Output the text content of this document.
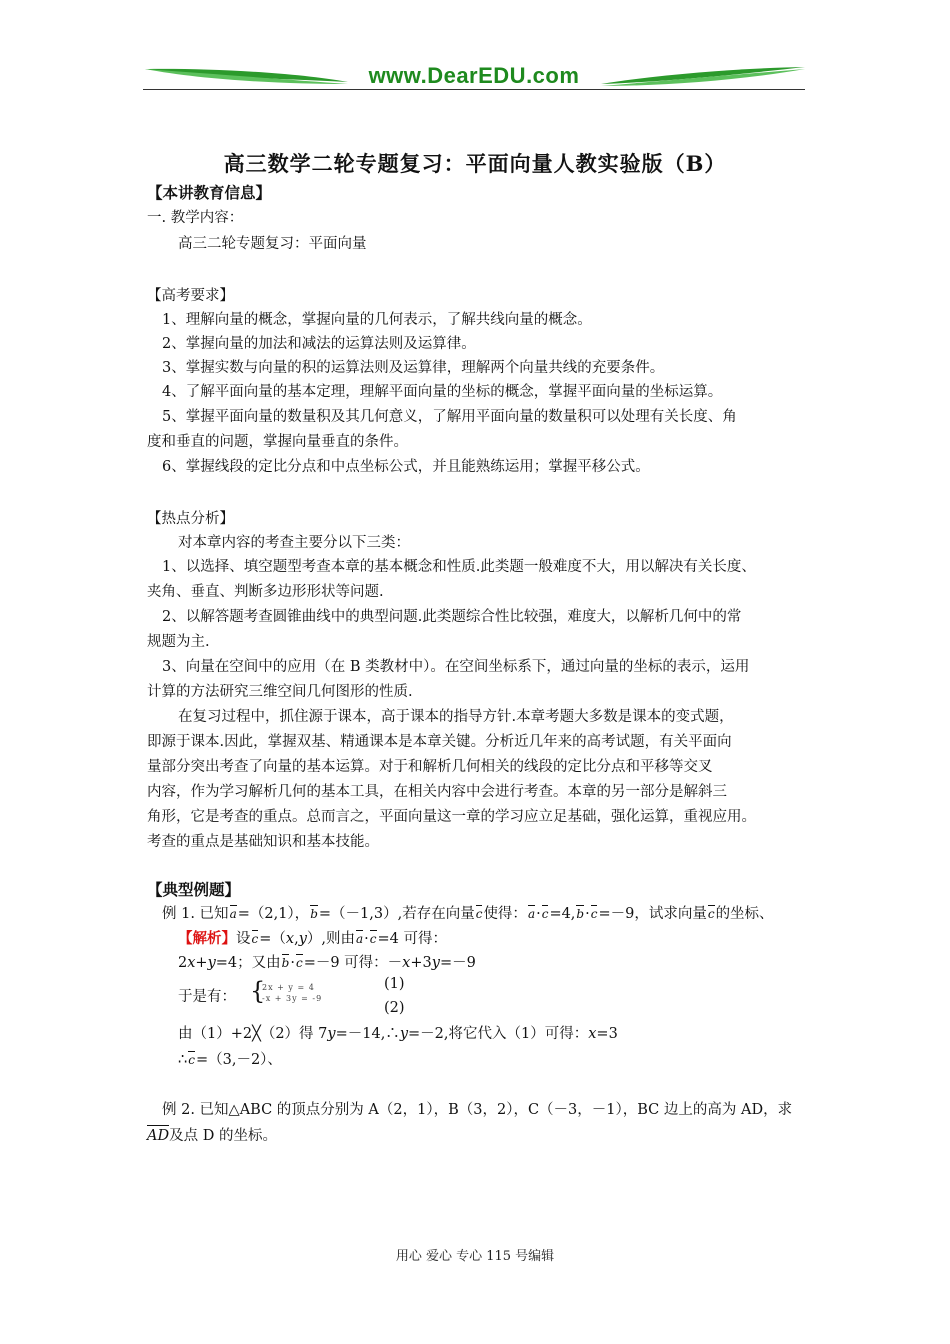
www.DearEDU.com
高三数学二轮专题复习：平面向量人教实验版（B）
【本讲教育信息】
一. 教学内容：
高三二轮专题复习：平面向量
【高考要求】
1、理解向量的概念，掌握向量的几何表示，了解共线向量的概念。
2、掌握向量的加法和减法的运算法则及运算律。
3、掌握实数与向量的积的运算法则及运算律，理解两个向量共线的充要条件。
4、了解平面向量的基本定理，理解平面向量的坐标的概念，掌握平面向量的坐标运算。
5、掌握平面向量的数量积及其几何意义，了解用平面向量的数量积可以处理有关长度、角
度和垂直的问题，掌握向量垂直的条件。
6、掌握线段的定比分点和中点坐标公式，并且能熟练运用；掌握平移公式。
【热点分析】
对本章内容的考查主要分以下三类：
1、以选择、填空题型考查本章的基本概念和性质.此类题一般难度不大，用以解决有关长度、
夹角、垂直、判断多边形形状等问题.
2、以解答题考查圆锥曲线中的典型问题.此类题综合性比较强，难度大，以解析几何中的常
规题为主.
3、向量在空间中的应用（在 B 类教材中）。在空间坐标系下，通过向量的坐标的表示，运用
计算的方法研究三维空间几何图形的性质.
在复习过程中，抓住源于课本，高于课本的指导方针.本章考题大多数是课本的变式题，
即源于课本.因此，掌握双基、精通课本是本章关键。分析近几年来的高考试题，有关平面向
量部分突出考查了向量的基本运算。对于和解析几何相关的线段的定比分点和平移等交叉
内容，作为学习解析几何的基本工具，在相关内容中会进行考查。本章的另一部分是解斜三
角形，它是考查的重点。总而言之，平面向量这一章的学习应立足基础，强化运算，重视应用。
考查的重点是基础知识和基本技能。
【典型例题】
例 1. 已知a=（2,1），b=（－1,3）,若存在向量c使得：a·c=4,b·c=－9，试求向量c的坐标、
【解析】设c=（x,y）,则由a·c=4 可得：
2x+y=4；又由b·c=－9 可得：－x+3y=－9
于是有： {
2x + y = 4
-x + 3y = -9
(1)
(2)
由（1）+2╳（2）得 7y=－14,∴y=－2,将它代入（1）可得：x=3
∴c=（3,－2）、
例 2. 已知△ABC 的顶点分别为 A（2，1），B（3，2），C（－3，－1），BC 边上的高为 AD，求
AD及点 D 的坐标。
用心 爱心 专心 115 号编辑
